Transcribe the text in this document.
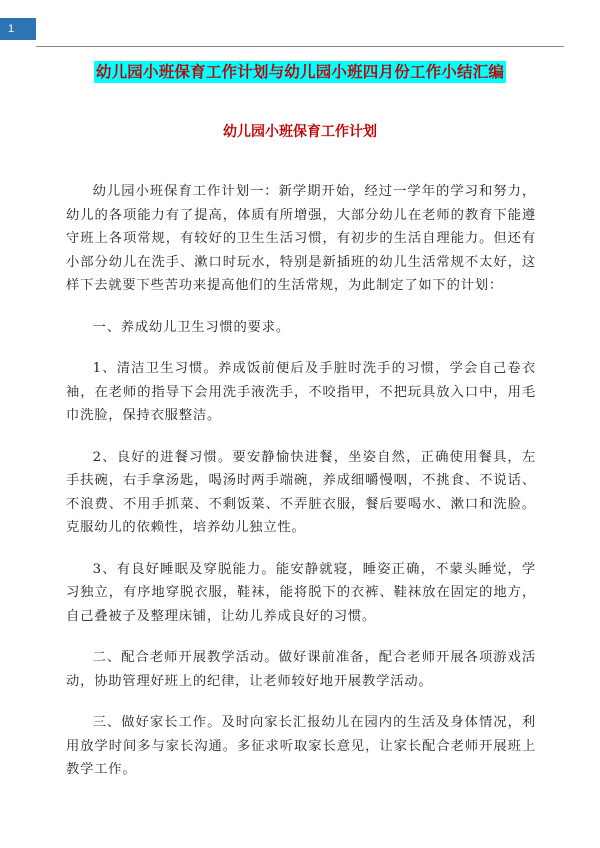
1
幼儿园小班保育工作计划与幼儿园小班四月份工作小结汇编
幼儿园小班保育工作计划

幼儿园小班保育工作计划一：新学期开始，经过一学年的学习和努力，幼儿的各项能力有了提高，体质有所增强，大部分幼儿在老师的教育下能遵守班上各项常规，有较好的卫生生活习惯，有初步的生活自理能力。但还有小部分幼儿在洗手、漱口时玩水，特别是新插班的幼儿生活常规不太好，这样下去就要下些苦功来提高他们的生活常规，为此制定了如下的计划：

一、养成幼儿卫生习惯的要求。

1、清洁卫生习惯。养成饭前便后及手脏时洗手的习惯，学会自己卷衣袖，在老师的指导下会用洗手液洗手，不咬指甲，不把玩具放入口中，用毛巾洗脸，保持衣服整洁。

2、良好的进餐习惯。要安静愉快进餐，坐姿自然，正确使用餐具，左手扶碗，右手拿汤匙，喝汤时两手端碗，养成细嚼慢咽，不挑食、不说话、不浪费、不用手抓菜、不剩饭菜、不弄脏衣服，餐后要喝水、漱口和洗脸。克服幼儿的依赖性，培养幼儿独立性。

3、有良好睡眠及穿脱能力。能安静就寝，睡姿正确，不蒙头睡觉，学习独立，有序地穿脱衣服，鞋袜，能将脱下的衣裤、鞋袜放在固定的地方，自己叠被子及整理床铺，让幼儿养成良好的习惯。

二、配合老师开展教学活动。做好课前准备，配合老师开展各项游戏活动，协助管理好班上的纪律，让老师较好地开展教学活动。

三、做好家长工作。及时向家长汇报幼儿在园内的生活及身体情况，利用放学时间多与家长沟通。多征求听取家长意见，让家长配合老师开展班上教学工作。
